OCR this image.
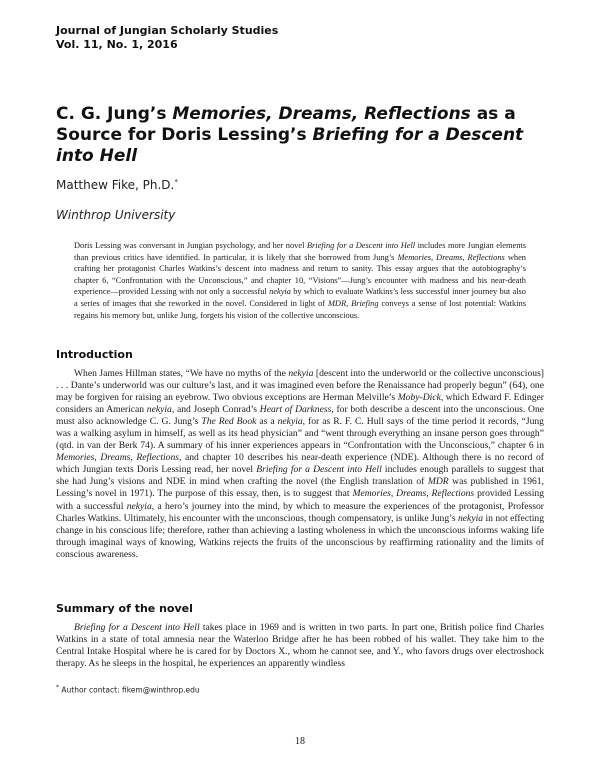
Journal of Jungian Scholarly Studies
Vol. 11, No. 1, 2016
C. G. Jung’s Memories, Dreams, Reflections as a Source for Doris Lessing’s Briefing for a Descent into Hell
Matthew Fike, Ph.D.*
Winthrop University

Doris Lessing was conversant in Jungian psychology, and her novel Briefing for a Descent into Hell includes more Jungian elements than previous critics have identified. In particular, it is likely that she borrowed from Jung’s Memories, Dreams, Reflections when crafting her protagonist Charles Watkins’s descent into madness and return to sanity. This essay argues that the autobiography’s chapter 6, “Confrontation with the Unconscious,” and chapter 10, “Visions”—Jung’s encounter with madness and his near-death experience—provided Lessing with not only a successful nekyia by which to evaluate Watkins’s less successful inner journey but also a series of images that she reworked in the novel. Considered in light of MDR, Briefing conveys a sense of lost potential: Watkins regains his memory but, unlike Jung, forgets his vision of the collective unconscious.

Introduction

When James Hillman states, “We have no myths of the nekyia [descent into the underworld or the collective unconscious] . . . Dante’s underworld was our culture’s last, and it was imagined even before the Renaissance had properly begun” (64), one may be forgiven for raising an eyebrow. Two obvious exceptions are Herman Melville’s Moby-Dick, which Edward F. Edinger considers an American nekyia, and Joseph Conrad’s Heart of Darkness, for both describe a descent into the unconscious. One must also acknowledge C. G. Jung’s The Red Book as a nekyia, for as R. F. C. Hull says of the time period it records, “Jung was a walking asylum in himself, as well as its head physician” and “went through everything an insane person goes through” (qtd. in van der Berk 74). A summary of his inner experiences appears in “Confrontation with the Unconscious,” chapter 6 in Memories, Dreams, Reflections, and chapter 10 describes his near-death experience (NDE). Although there is no record of which Jungian texts Doris Lessing read, her novel Briefing for a Descent into Hell includes enough parallels to suggest that she had Jung’s visions and NDE in mind when crafting the novel (the English translation of MDR was published in 1961, Lessing’s novel in 1971). The purpose of this essay, then, is to suggest that Memories, Dreams, Reflections provided Lessing with a successful nekyia, a hero’s journey into the mind, by which to measure the experiences of the protagonist, Professor Charles Watkins. Ultimately, his encounter with the unconscious, though compensatory, is unlike Jung’s nekyia in not effecting change in his conscious life; therefore, rather than achieving a lasting wholeness in which the unconscious informs waking life through imaginal ways of knowing, Watkins rejects the fruits of the unconscious by reaffirming rationality and the limits of conscious awareness.

Summary of the novel

Briefing for a Descent into Hell takes place in 1969 and is written in two parts. In part one, British police find Charles Watkins in a state of total amnesia near the Waterloo Bridge after he has been robbed of his wallet. They take him to the Central Intake Hospital where he is cared for by Doctors X., whom he cannot see, and Y., who favors drugs over electroshock therapy. As he sleeps in the hospital, he experiences an apparently windless

* Author contact: fikem@winthrop.edu
18
